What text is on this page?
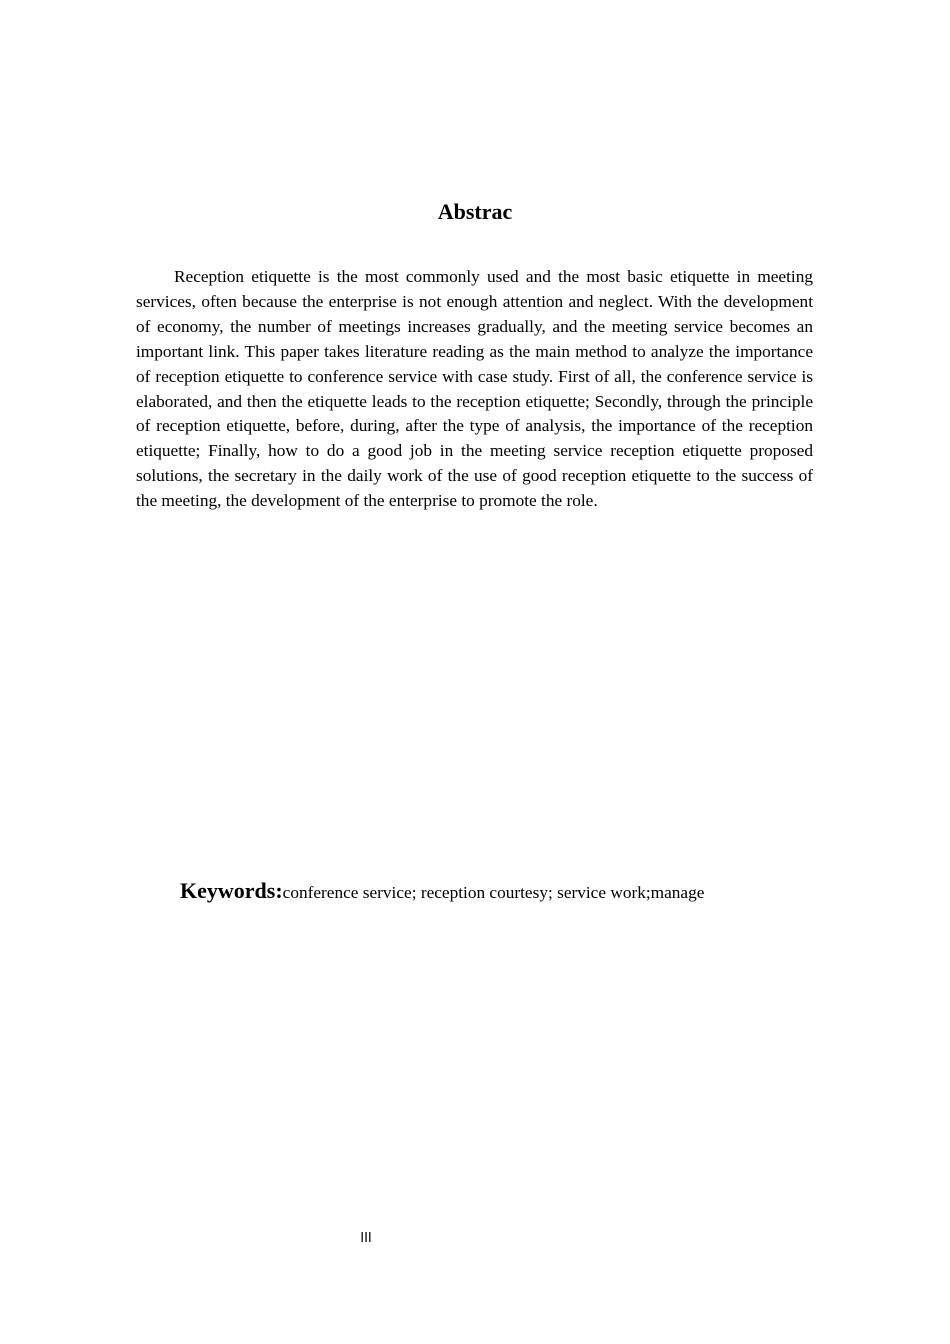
Abstrac

Reception etiquette is the most commonly used and the most basic etiquette in meeting services, often because the enterprise is not enough attention and neglect. With the development of economy, the number of meetings increases gradually, and the meeting service becomes an important link. This paper takes literature reading as the main method to analyze the importance of reception etiquette to conference service with case study. First of all, the conference service is elaborated, and then the etiquette leads to the reception etiquette; Secondly, through the principle of reception etiquette, before, during, after the type of analysis, the importance of the reception etiquette; Finally, how to do a good job in the meeting service reception etiquette proposed solutions, the secretary in the daily work of the use of good reception etiquette to the success of the meeting, the development of the enterprise to promote the role.

Keywords:conference service; reception courtesy; service work;manage

III
